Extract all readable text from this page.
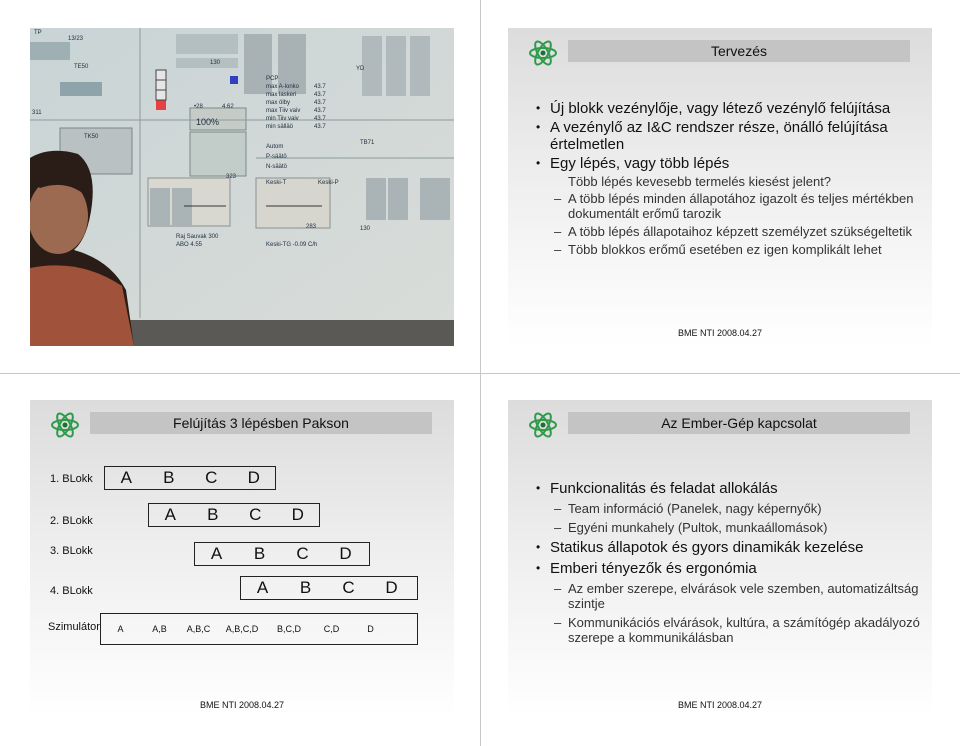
TP
13/23
TE50
130
PCP
YD
max A-lonko
max laskeri
max ölby
max Tiiv vaiv
min Tiiv vaiv
min sälläö
43.7
43.7
43.7
43.7
43.7
43.7
•28	4.62
TK50
323
Autom
P-säätö
N-säätö
TB71
Keski-T	Keski-P
Raj Sauvak 300
ABO 4.55	Keski-TG -0.09 C/h
283	130
311
100%
Tervezés
• Új blokk vezénylője, vagy létező vezénylő felújítása
• A vezénylő az I&C rendszer része, önálló felújítása értelmetlen
• Egy lépés, vagy több lépés
Több lépés kevesebb termelés kiesést jelent?
– A több lépés minden állapotához igazolt és teljes mértékben dokumentált erőmű tarozik
– A több lépés állapotaihoz képzett személyzet szükségeltetik
– Több blokkos erőmű esetében ez igen komplikált lehet
BME NTI 2008.04.27
Felújítás 3 lépésben Pakson
1. BLokk	A	B	C	D
2. BLokk	A	B	C	D
3. BLokk	A	B	C	D
4. BLokk	A	B	C	D
Szimulátor	A	A,B	A,B,C	A,B,C,D	B,C,D	C,D	D
BME NTI 2008.04.27
Az Ember-Gép kapcsolat
• Funkcionalitás és feladat allokálás
– Team információ (Panelek, nagy képernyők)
– Egyéni munkahely (Pultok, munkaállomások)
• Statikus állapotok és gyors dinamikák kezelése
• Emberi tényezők és ergonómia
– Az ember szerepe, elvárások vele szemben, automatizáltság szintje
– Kommunikációs elvárások, kultúra, a számítógép akadályozó szerepe a kommunikálásban
BME NTI 2008.04.27
